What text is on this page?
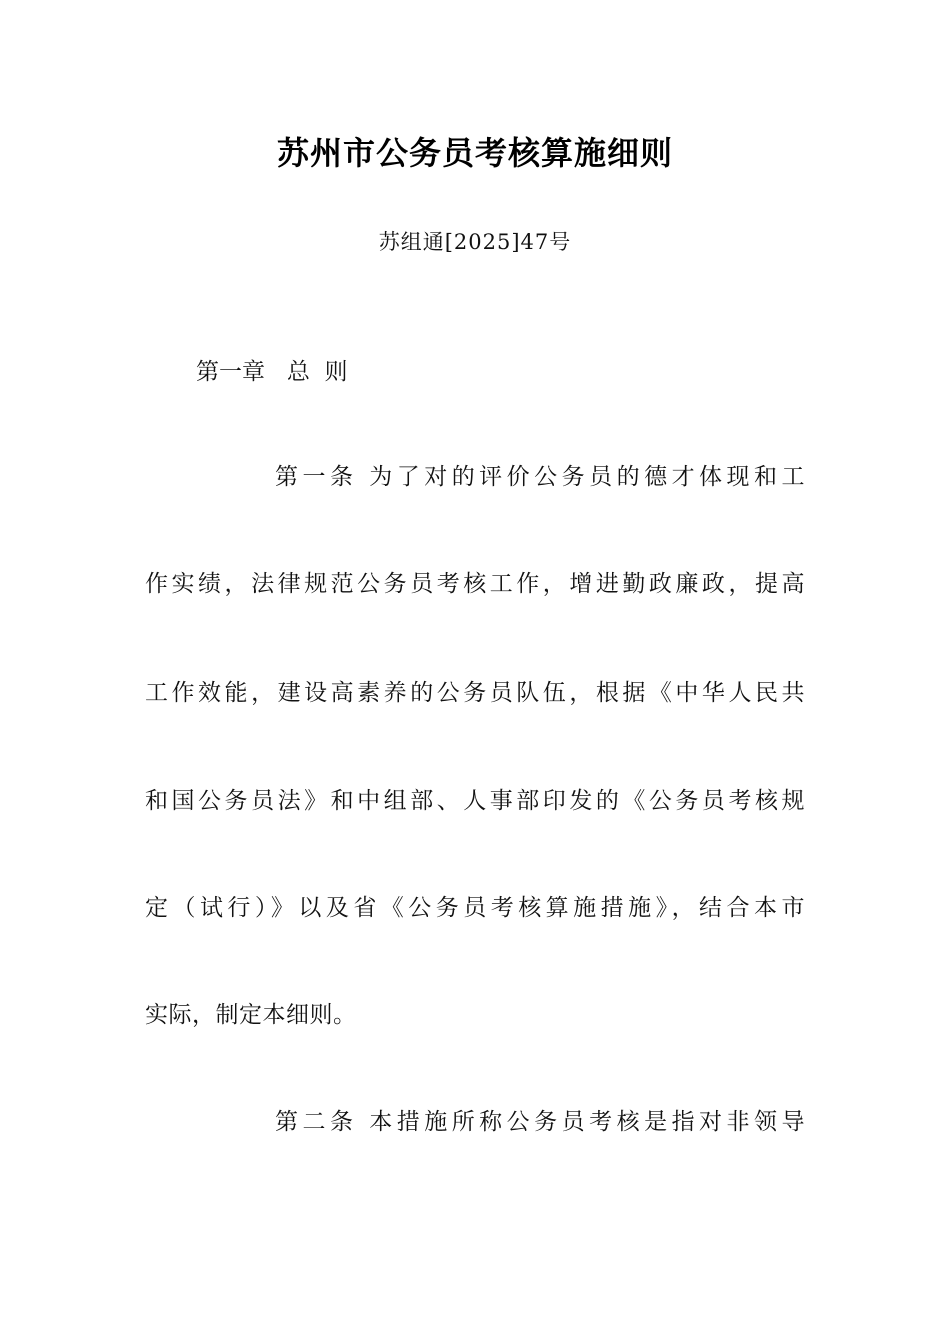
苏州市公务员考核算施细则
苏组通[2025]47号
第一章   总  则
第一条 为了对的评价公务员的德才体现和工
作实绩，法律规范公务员考核工作，增进勤政廉政，提高
工作效能，建设高素养的公务员队伍，根据《中华人民共
和国公务员法》和中组部、人事部印发的《公务员考核规
定（试行）》以及省《公务员考核算施措施》，结合本市
实际，制定本细则。
第二条 本措施所称公务员考核是指对非领导
